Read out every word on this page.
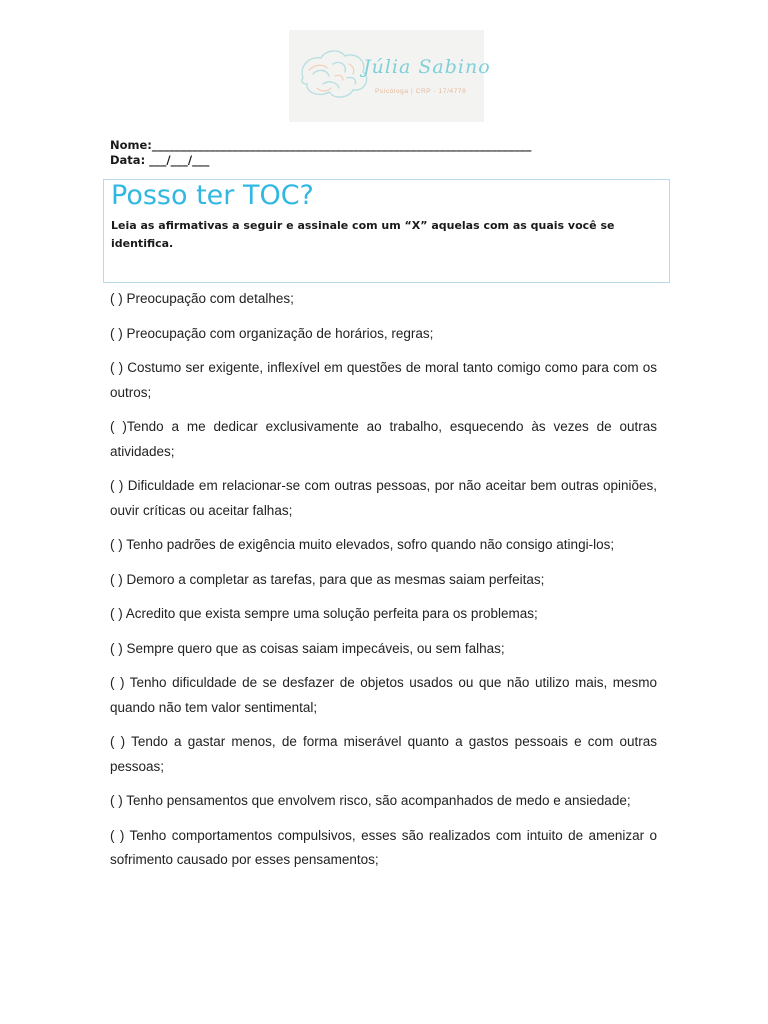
Júlia Sabino
Psicóloga | CRP - 17/4778
Nome:__________________________________________________________________
Data: ___/___/___
Posso ter TOC?
Leia as afirmativas a seguir e assinale com um “X” aquelas com as quais você se identifica.
( ) Preocupação com detalhes;
( ) Preocupação com organização de horários, regras;
( ) Costumo ser exigente, inflexível em questões de moral tanto comigo como para com os outros;
( )Tendo a me dedicar exclusivamente ao trabalho, esquecendo às vezes de outras atividades;
( ) Dificuldade em relacionar-se com outras pessoas, por não aceitar bem outras opiniões, ouvir críticas ou aceitar falhas;
( ) Tenho padrões de exigência muito elevados, sofro quando não consigo atingi-los;
( ) Demoro a completar as tarefas, para que as mesmas saiam perfeitas;
( ) Acredito que exista sempre uma solução perfeita para os problemas;
( ) Sempre quero que as coisas saiam impecáveis, ou sem falhas;
( ) Tenho dificuldade de se desfazer de objetos usados ou que não utilizo mais, mesmo quando não tem valor sentimental;
( ) Tendo a gastar menos, de forma miserável quanto a gastos pessoais e com outras pessoas;
( ) Tenho pensamentos que envolvem risco, são acompanhados de medo e ansiedade;
( ) Tenho comportamentos compulsivos, esses são realizados com intuito de amenizar o sofrimento causado por esses pensamentos;
